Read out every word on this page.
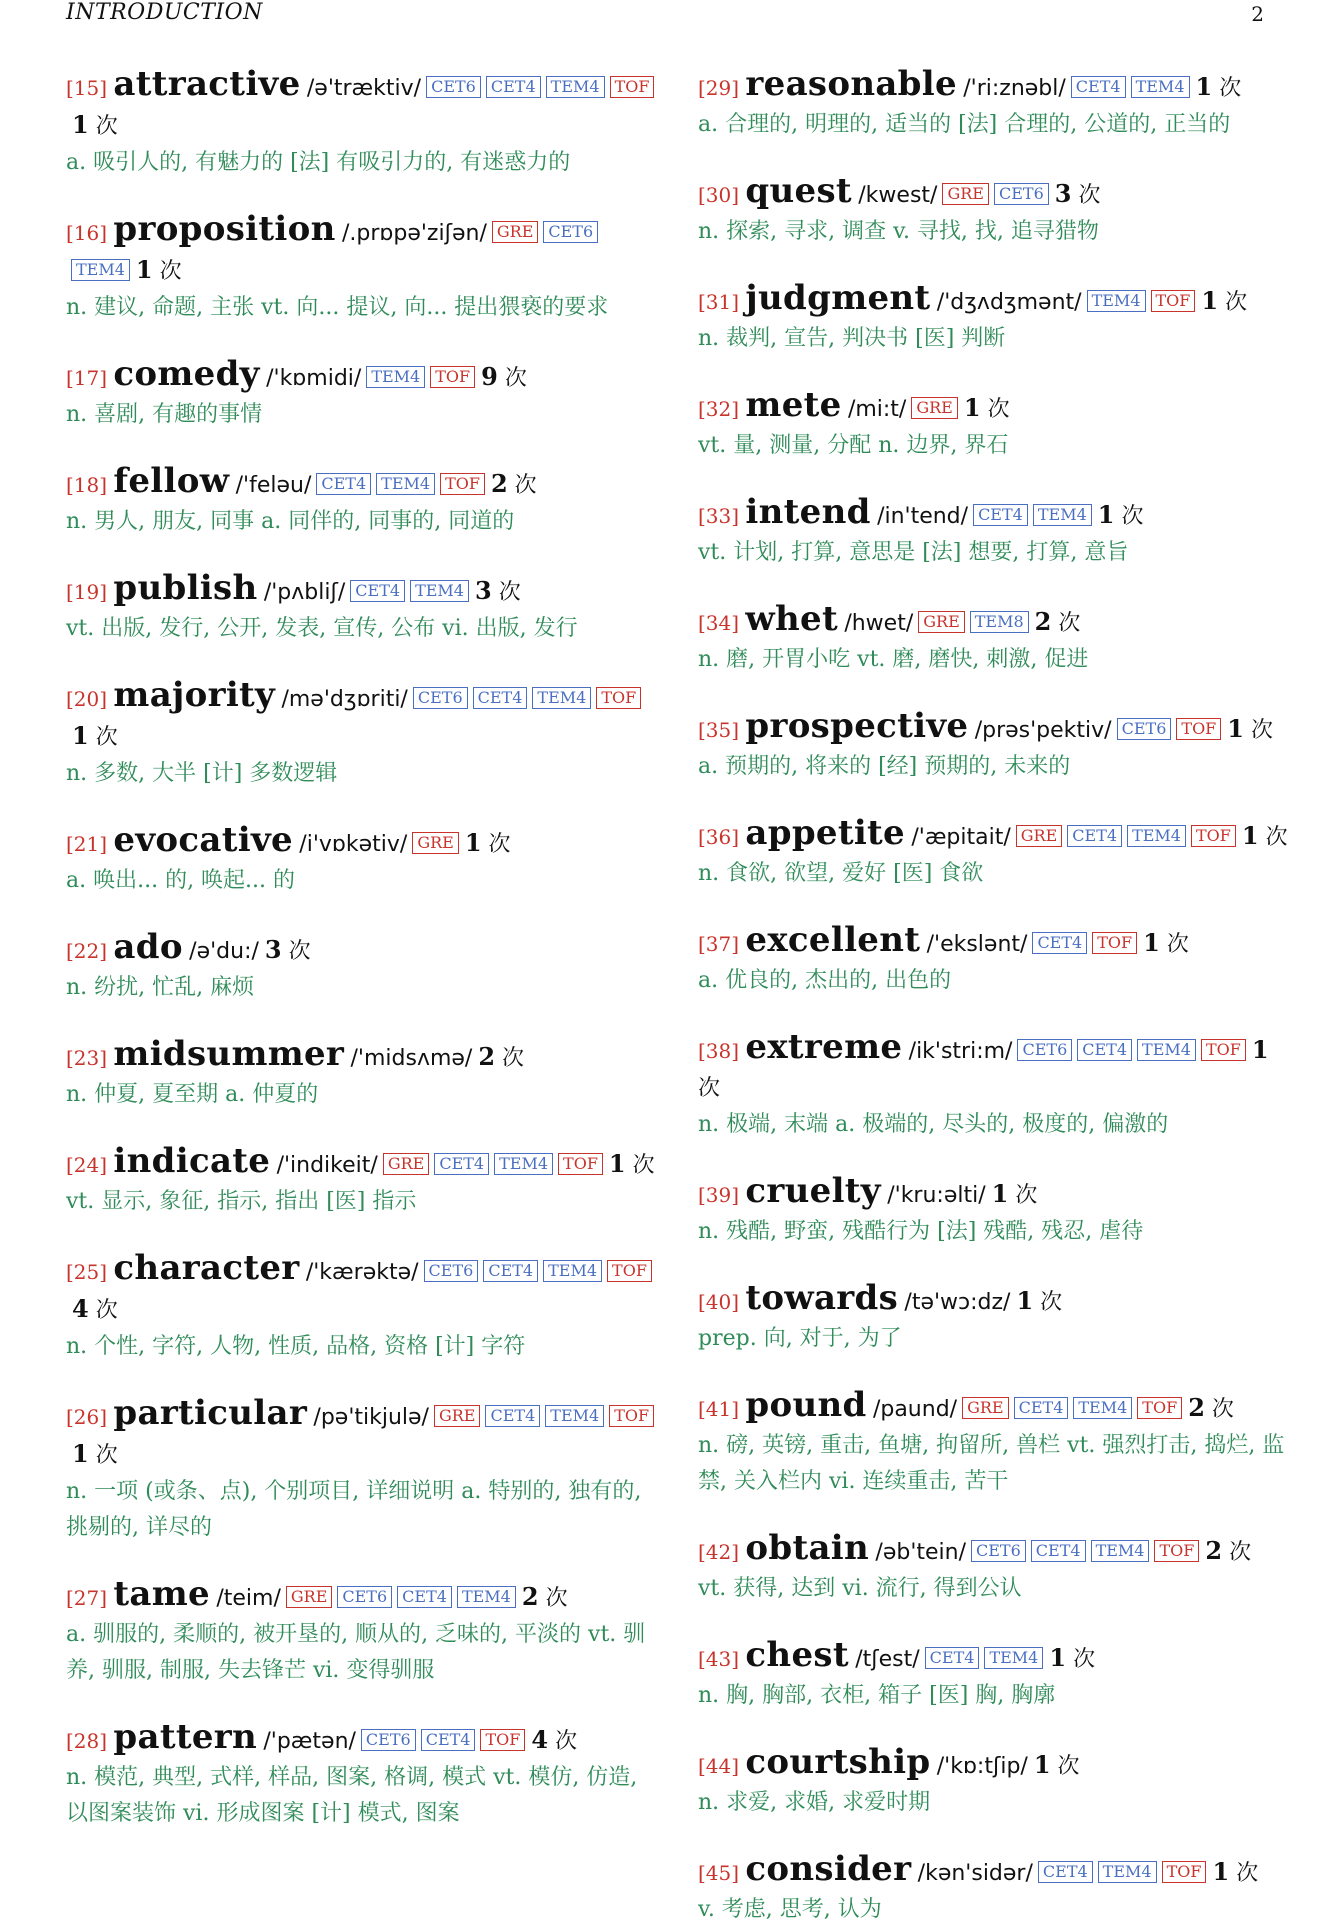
INTRODUCTION	2
[15] attractive /ə'træktiv/ CET6 CET4 TEM4 TOF1 次
a. 吸引人的, 有魅力的 [法] 有吸引力的, 有迷惑力的
[16] proposition /.prɒpə'ziʃən/ GRE CET6TEM4 1 次
n. 建议, 命题, 主张 vt. 向... 提议, 向... 提出猥亵的要求
[17] comedy /'kɒmidi/ TEM4 TOF 9 次
n. 喜剧, 有趣的事情
[18] fellow /'feləu/ CET4 TEM4 TOF 2 次
n. 男人, 朋友, 同事 a. 同伴的, 同事的, 同道的
[19] publish /'pʌbliʃ/ CET4 TEM4 3 次
vt. 出版, 发行, 公开, 发表, 宣传, 公布 vi. 出版, 发行
[20] majority /mə'dʒɒriti/ CET6 CET4 TEM4 TOF1 次
n. 多数, 大半 [计] 多数逻辑
[21] evocative /i'vɒkətiv/ GRE 1 次
a. 唤出... 的, 唤起... 的
[22] ado /ə'du:/ 3 次
n. 纷扰, 忙乱, 麻烦
[23] midsummer /'midsʌmə/ 2 次
n. 仲夏, 夏至期 a. 仲夏的
[24] indicate /'indikeit/ GRE CET4 TEM4 TOF 1 次
vt. 显示, 象征, 指示, 指出 [医] 指示
[25] character /'kærəktə/ CET6 CET4 TEM4 TOF4 次
n. 个性, 字符, 人物, 性质, 品格, 资格 [计] 字符
[26] particular /pə'tikjulə/ GRE CET4 TEM4 TOF1 次
n. 一项 (或条、点), 个别项目, 详细说明 a. 特别的, 独有的, 挑剔的, 详尽的
[27] tame /teim/ GRE CET6 CET4 TEM4 2 次
a. 驯服的, 柔顺的, 被开垦的, 顺从的, 乏味的, 平淡的 vt. 驯养, 驯服, 制服, 失去锋芒 vi. 变得驯服
[28] pattern /'pætən/ CET6 CET4 TOF 4 次
n. 模范, 典型, 式样, 样品, 图案, 格调, 模式 vt. 模仿, 仿造, 以图案装饰 vi. 形成图案 [计] 模式, 图案
[29] reasonable /'ri:znəbl/ CET4 TEM4 1 次
a. 合理的, 明理的, 适当的 [法] 合理的, 公道的, 正当的
[30] quest /kwest/ GRE CET6 3 次
n. 探索, 寻求, 调查 v. 寻找, 找, 追寻猎物
[31] judgment /'dʒʌdʒmənt/ TEM4 TOF 1 次
n. 裁判, 宣告, 判决书 [医] 判断
[32] mete /mi:t/ GRE 1 次
vt. 量, 测量, 分配 n. 边界, 界石
[33] intend /in'tend/ CET4 TEM4 1 次
vt. 计划, 打算, 意思是 [法] 想要, 打算, 意旨
[34] whet /hwet/ GRE TEM8 2 次
n. 磨, 开胃小吃 vt. 磨, 磨快, 刺激, 促进
[35] prospective /prəs'pektiv/ CET6 TOF 1 次
a. 预期的, 将来的 [经] 预期的, 未来的
[36] appetite /'æpitait/ GRE CET4 TEM4 TOF 1 次
n. 食欲, 欲望, 爱好 [医] 食欲
[37] excellent /'ekslənt/ CET4 TOF 1 次
a. 优良的, 杰出的, 出色的
[38] extreme /ik'stri:m/ CET6 CET4 TEM4 TOF 1 次
n. 极端, 末端 a. 极端的, 尽头的, 极度的, 偏激的
[39] cruelty /'kru:əlti/ 1 次
n. 残酷, 野蛮, 残酷行为 [法] 残酷, 残忍, 虐待
[40] towards /tə'wɔ:dz/ 1 次
prep. 向, 对于, 为了
[41] pound /paund/ GRE CET4 TEM4 TOF 2 次
n. 磅, 英镑, 重击, 鱼塘, 拘留所, 兽栏 vt. 强烈打击, 捣烂, 监禁, 关入栏内 vi. 连续重击, 苦干
[42] obtain /əb'tein/ CET6 CET4 TEM4 TOF 2 次
vt. 获得, 达到 vi. 流行, 得到公认
[43] chest /tʃest/ CET4 TEM4 1 次
n. 胸, 胸部, 衣柜, 箱子 [医] 胸, 胸廓
[44] courtship /'kɒ:tʃip/ 1 次
n. 求爱, 求婚, 求爱时期
[45] consider /kən'sidər/ CET4 TEM4 TOF 1 次
v. 考虑, 思考, 认为
